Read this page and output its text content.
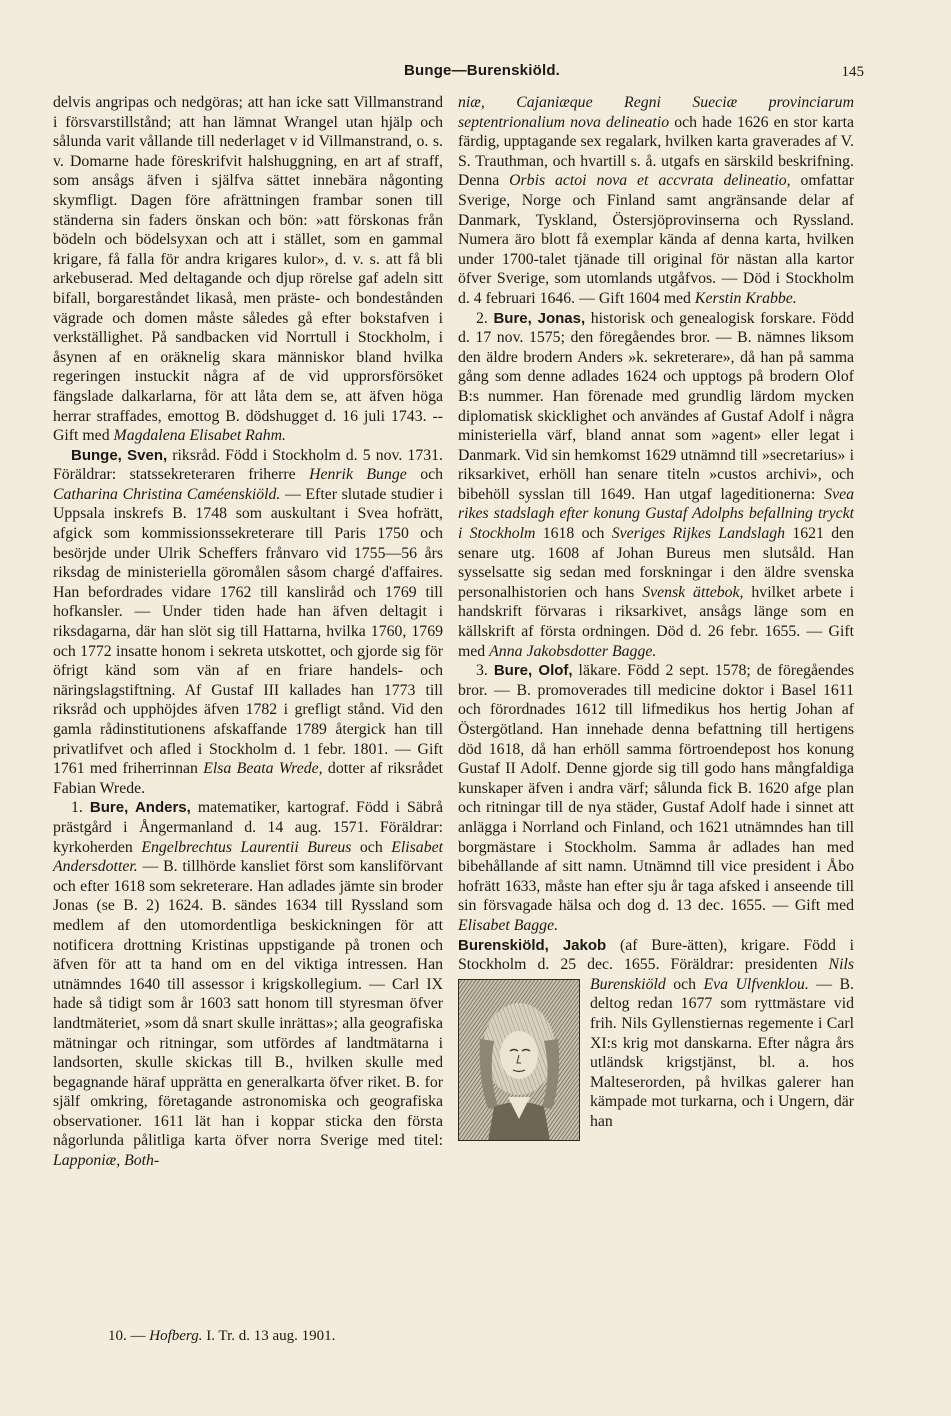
Bunge—Burenskiöld.	145

delvis angripas och nedgöras; att han icke satt Villmanstrand i försvarstillstånd; att han lämnat Wrangel utan hjälp och sålunda varit vållande till nederlaget v id Villmanstrand, o. s. v. Domarne hade föreskrifvit halshuggning, en art af straff, som ansågs äfven i själfva sättet innebära någonting skymfligt. Dagen före afrättningen frambar sonen till ständerna sin faders önskan och bön: »att förskonas från bödeln och bödelsyxan och att i stället, som en gammal krigare, få falla för andra krigares kulor», d. v. s. att få bli arkebuserad. Med deltagande och djup rörelse gaf adeln sitt bifall, borgareståndet likaså, men präste- och bondestånden vägrade och domen måste således gå efter bokstafven i verkställighet. På sandbacken vid Norrtull i Stockholm, i åsynen af en oräknelig skara människor bland hvilka regeringen instuckit några af de vid upprorsförsöket fängslade dalkarlarna, för att låta dem se, att äfven höga herrar straffades, emottog B. dödshugget d. 16 juli 1743. -- Gift med Magdalena Elisabet Rahm.

Bunge, Sven, riksråd. Född i Stockholm d. 5 nov. 1731. Föräldrar: statssekreteraren friherre Henrik Bunge och Catharina Christina Caméenskiöld. — Efter slutade studier i Uppsala inskrefs B. 1748 som auskultant i Svea hofrätt, afgick som kommissionssekreterare till Paris 1750 och besörjde under Ulrik Scheffers frånvaro vid 1755—56 års riksdag de ministeriella göromålen såsom chargé d'affaires. Han befordrades vidare 1762 till kansliråd och 1769 till hofkansler. — Under tiden hade han äfven deltagit i riksdagarna, där han slöt sig till Hattarna, hvilka 1760, 1769 och 1772 insatte honom i sekreta utskottet, och gjorde sig för öfrigt känd som vän af en friare handels- och näringslagstiftning. Af Gustaf III kallades han 1773 till riksråd och upphöjdes äfven 1782 i grefligt stånd. Vid den gamla rådinstitutionens afskaffande 1789 återgick han till privatlifvet och afled i Stockholm d. 1 febr. 1801. — Gift 1761 med friherrinnan Elsa Beata Wrede, dotter af riksrådet Fabian Wrede.

1. Bure, Anders, matematiker, kartograf. Född i Säbrå prästgård i Ångermanland d. 14 aug. 1571. Föräldrar: kyrkoherden Engelbrechtus Laurentii Bureus och Elisabet Andersdotter. — B. tillhörde kansliet först som kansliförvant och efter 1618 som sekreterare. Han adlades jämte sin broder Jonas (se B. 2) 1624. B. sändes 1634 till Ryssland som medlem af den utomordentliga beskickningen för att notificera drottning Kristinas uppstigande på tronen och äfven för att ta hand om en del viktiga intressen. Han utnämndes 1640 till assessor i krigskollegium. — Carl IX hade så tidigt som år 1603 satt honom till styresman öfver landtmäteriet, »som då snart skulle inrättas»; alla geografiska mätningar och ritningar, som utfördes af landtmätarna i landsorten, skulle skickas till B., hvilken skulle med begagnande häraf upprätta en generalkarta öfver riket. B. for själf omkring, företagande astronomiska och geografiska observationer. 1611 lät han i koppar sticka den första någorlunda pålitliga karta öfver norra Sverige med titel: Lapponiæ, Both-

niæ, Cajaniæque Regni Sueciæ provinciarum septentrionalium nova delineatio och hade 1626 en stor karta färdig, upptagande sex regalark, hvilken karta graverades af V. S. Trauthman, och hvartill s. å. utgafs en särskild beskrifning. Denna Orbis actoi nova et accvrata delineatio, omfattar Sverige, Norge och Finland samt angränsande delar af Danmark, Tyskland, Östersjöprovinserna och Ryssland. Numera äro blott få exemplar kända af denna karta, hvilken under 1700-talet tjänade till original för nästan alla kartor öfver Sverige, som utomlands utgåfvos. — Död i Stockholm d. 4 februari 1646. — Gift 1604 med Kerstin Krabbe.

2. Bure, Jonas, historisk och genealogisk forskare. Född d. 17 nov. 1575; den föregåendes bror. — B. nämnes liksom den äldre brodern Anders »k. sekreterare», då han på samma gång som denne adlades 1624 och upptogs på brodern Olof B:s nummer. Han förenade med grundlig lärdom mycken diplomatisk skicklighet och användes af Gustaf Adolf i några ministeriella värf, bland annat som »agent» eller legat i Danmark. Vid sin hemkomst 1629 utnämnd till »secretarius» i riksarkivet, erhöll han senare titeln »custos archivi», och bibehöll sysslan till 1649. Han utgaf lageditionerna: Svea rikes stadslagh efter konung Gustaf Adolphs befallning tryckt i Stockholm 1618 och Sveriges Rijkes Landslagh 1621 den senare utg. 1608 af Johan Bureus men slutsåld. Han sysselsatte sig sedan med forskningar i den äldre svenska personalhistorien och hans Svensk ättebok, hvilket arbete i handskrift förvaras i riksarkivet, ansågs länge som en källskrift af första ordningen. Död d. 26 febr. 1655. — Gift med Anna Jakobsdotter Bagge.

3. Bure, Olof, läkare. Född 2 sept. 1578; de föregåendes bror. — B. promoverades till medicine doktor i Basel 1611 och förordnades 1612 till lifmedikus hos hertig Johan af Östergötland. Han innehade denna befattning till hertigens död 1618, då han erhöll samma förtroendepost hos konung Gustaf II Adolf. Denne gjorde sig till godo hans mångfaldiga kunskaper äfven i andra värf; sålunda fick B. 1620 afge plan och ritningar till de nya städer, Gustaf Adolf hade i sinnet att anlägga i Norrland och Finland, och 1621 utnämndes han till borgmästare i Stockholm. Samma år adlades han med bibehållande af sitt namn. Utnämnd till vice president i Åbo hofrätt 1633, måste han efter sju år taga afsked i anseende till sin försvagade hälsa och dog d. 13 dec. 1655. — Gift med Elisabet Bagge.

Burenskiöld, Jakob (af Bure-ätten), krigare. Född i Stockholm d. 25 dec. 1655. Föräldrar: presidenten Nils Burenskiöld och Eva Ulfvenklou.
— B. deltog redan 1677 som ryttmästare vid frih. Nils Gyllenstiernas regemente i Carl XI:s krig mot danskarna. Efter några års utländsk krigstjänst, bl. a. hos Malteserorden, på hvilkas galerer han kämpade mot turkarna, och i Ungern, där han

10. — Hofberg. I. Tr. d. 13 aug. 1901.
